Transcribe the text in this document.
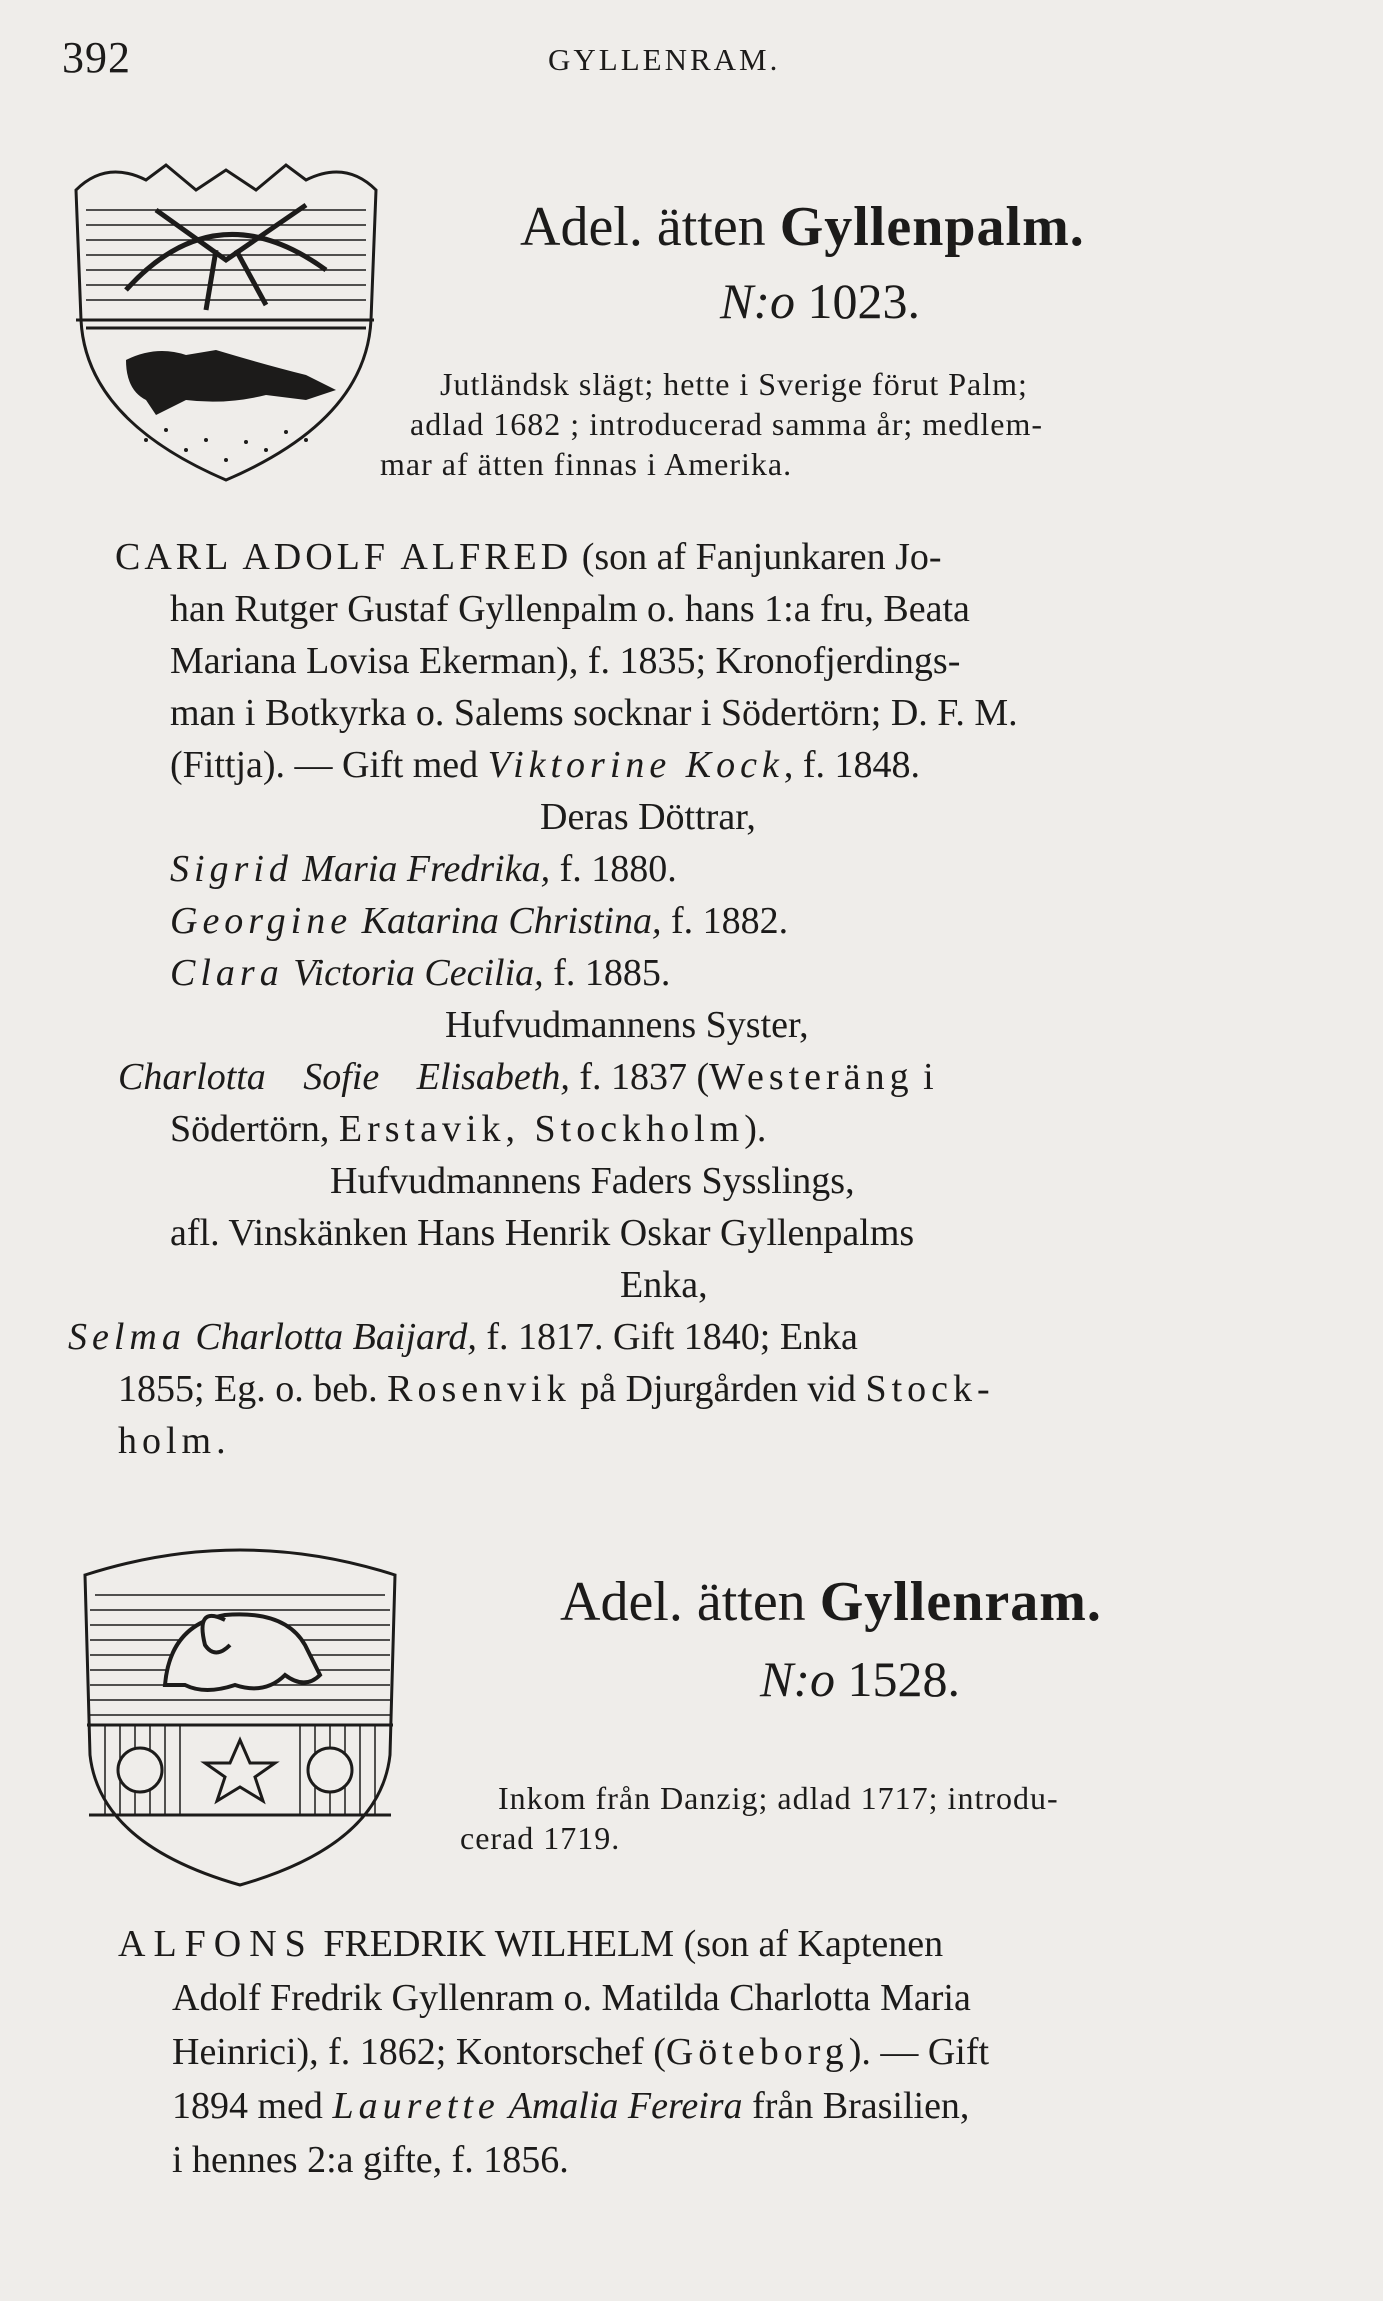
392	GYLLENRAM.
Adel. ätten Gyllenpalm.
N:o 1023.
Jutländsk slägt; hette i Sverige förut Palm;
adlad 1682 ; introducerad samma år; medlem-
mar af ätten finnas i Amerika.
CARL ADOLF ALFRED (son af Fanjunkaren Jo-
han Rutger Gustaf Gyllenpalm o. hans 1:a fru, Beata
Mariana Lovisa Ekerman), f. 1835; Kronofjerdings-
man i Botkyrka o. Salems socknar i Södertörn; D. F. M.
(Fittja). — Gift med Viktorine Kock, f. 1848.
Deras Döttrar,
Sigrid Maria Fredrika, f. 1880.
Georgine Katarina Christina, f. 1882.
Clara Victoria Cecilia, f. 1885.
Hufvudmannens Syster,
Charlotta Sofie Elisabeth, f. 1837 (Westeräng i
Södertörn, Erstavik, Stockholm).
Hufvudmannens Faders Sysslings,
afl. Vinskänken Hans Henrik Oskar Gyllenpalms
Enka,
Selma Charlotta Baijard, f. 1817. Gift 1840; Enka
1855; Eg. o. beb. Rosenvik på Djurgården vid Stock-
holm.
Adel. ätten Gyllenram.
N:o 1528.
Inkom från Danzig; adlad 1717; introdu-
cerad 1719.
ALFONS FREDRIK WILHELM (son af Kaptenen
Adolf Fredrik Gyllenram o. Matilda Charlotta Maria
Heinrici), f. 1862; Kontorschef (Göteborg). — Gift
1894 med Laurette Amalia Fereira från Brasilien,
i hennes 2:a gifte, f. 1856.
